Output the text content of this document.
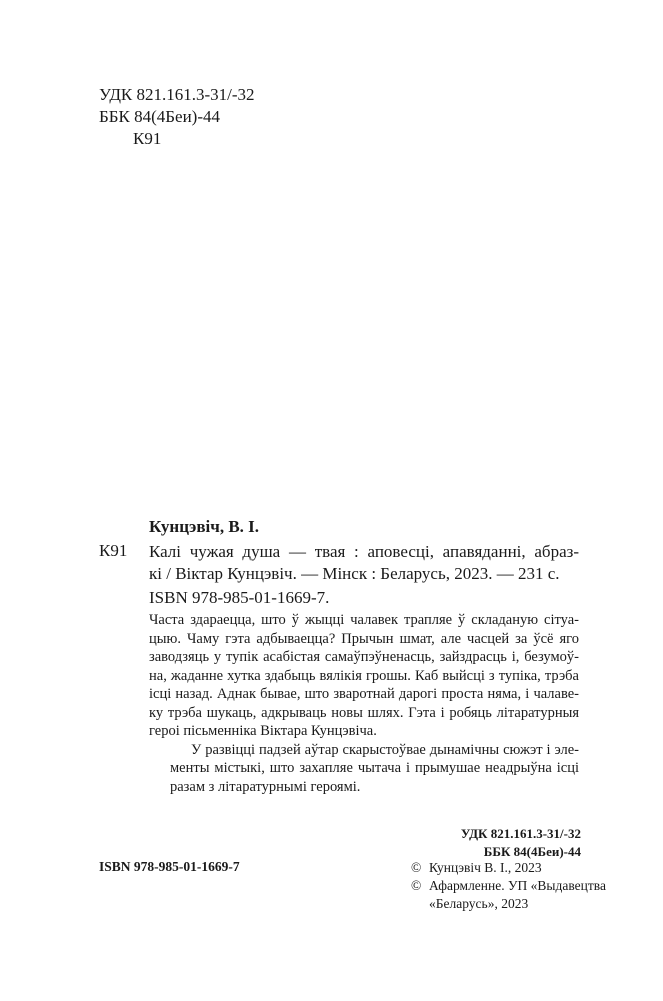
УДК 821.161.3-31/-32
ББК 84(4Беи)-44
К91
Кунцэвіч, В. І.
К91 Калі чужая душа — твая : аповесці, апавяданні, абраз-
кі / Віктар Кунцэвіч. — Мінск : Беларусь, 2023. — 231 с.
ISBN 978-985-01-1669-7.

Часта здараецца, што ў жыцці чалавек трапляе ў складаную сітуа-
цыю. Чаму гэта адбываецца? Прычын шмат, але часцей за ўсё яго
заводзяць у тупік асабістая самаўпэўненасць, зайздрасць і, безумоў-
на, жаданне хутка здабыць вялікія грошы. Каб выйсці з тупіка, трэба
ісці назад. Аднак бывае, што зваротнай дарогі проста няма, і чалаве-
ку трэба шукаць, адкрываць новы шлях. Гэта і робяць літаратурныя
героі пісьменніка Віктара Кунцэвіча.

У развіцці падзей аўтар скарыстоўвае дынамічны сюжэт і эле-
менты містыкі, што захапляе чытача і прымушае неадрыўна ісці
разам з літаратурнымі героямі.

УДК 821.161.3-31/-32
ББК 84(4Беи)-44
ISBN 978-985-01-1669-7	© Кунцэвіч В. І., 2023
© Афармленне. УП «Выдавецтва
«Беларусь», 2023
